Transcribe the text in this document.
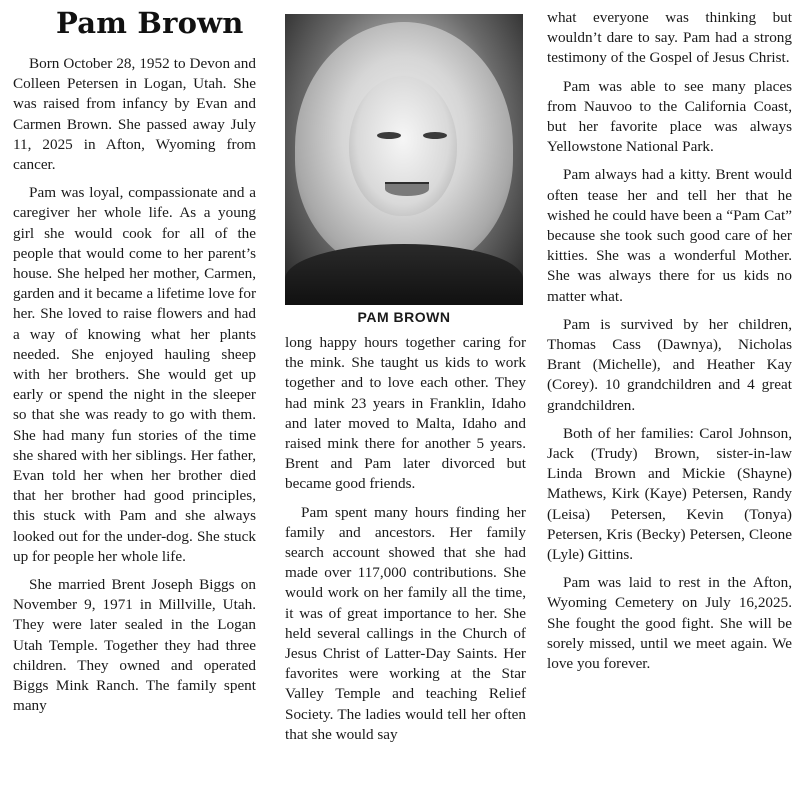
Pam Brown

Born October 28, 1952 to Devon and Colleen Petersen in Logan, Utah. She was raised from infancy by Evan and Carmen Brown. She passed away July 11, 2025 in Afton, Wyoming from cancer.

Pam was loyal, compassionate and a caregiver her whole life. As a young girl she would cook for all of the people that would come to her parent’s house. She helped her mother, Carmen, garden and it became a lifetime love for her. She loved to raise flowers and had a way of knowing what her plants needed. She enjoyed hauling sheep with her brothers. She would get up early or spend the night in the sleeper so that she was ready to go with them. She had many fun stories of the time she shared with her siblings. Her father, Evan told her when her brother died that her brother had good principles, this stuck with Pam and she always looked out for the under-dog. She stuck up for people her whole life.

She married Brent Joseph Biggs on November 9, 1971 in Millville, Utah. They were later sealed in the Logan Utah Temple. Together they had three children. They owned and operated Biggs Mink Ranch. The family spent many

PAM BROWN

long happy hours together caring for the mink. She taught us kids to work together and to love each other. They had mink 23 years in Franklin, Idaho and later moved to Malta, Idaho and raised mink there for another 5 years. Brent and Pam later divorced but became good friends.

Pam spent many hours finding her family and ancestors. Her family search account showed that she had made over 117,000 contributions. She would work on her family all the time, it was of great importance to her. She held several callings in the Church of Jesus Christ of Latter-Day Saints. Her favorites were working at the Star Valley Temple and teaching Relief Society. The ladies would tell her often that she would say

what everyone was thinking but wouldn’t dare to say. Pam had a strong testimony of the Gospel of Jesus Christ.

Pam was able to see many places from Nauvoo to the California Coast, but her favorite place was always Yellowstone National Park.

Pam always had a kitty. Brent would often tease her and tell her that he wished he could have been a “Pam Cat” because she took such good care of her kitties. She was a wonderful Mother. She was always there for us kids no matter what.

Pam is survived by her children, Thomas Cass (Dawnya), Nicholas Brant (Michelle), and Heather Kay (Corey). 10 grandchildren and 4 great grandchildren.

Both of her families: Carol Johnson, Jack (Trudy) Brown, sister-in-law Linda Brown and Mickie (Shayne) Mathews, Kirk (Kaye) Petersen, Randy (Leisa) Petersen, Kevin (Tonya) Petersen, Kris (Becky) Petersen, Cleone (Lyle) Gittins.

Pam was laid to rest in the Afton, Wyoming Cemetery on July 16,2025. She fought the good fight. She will be sorely missed, until we meet again. We love you forever.
